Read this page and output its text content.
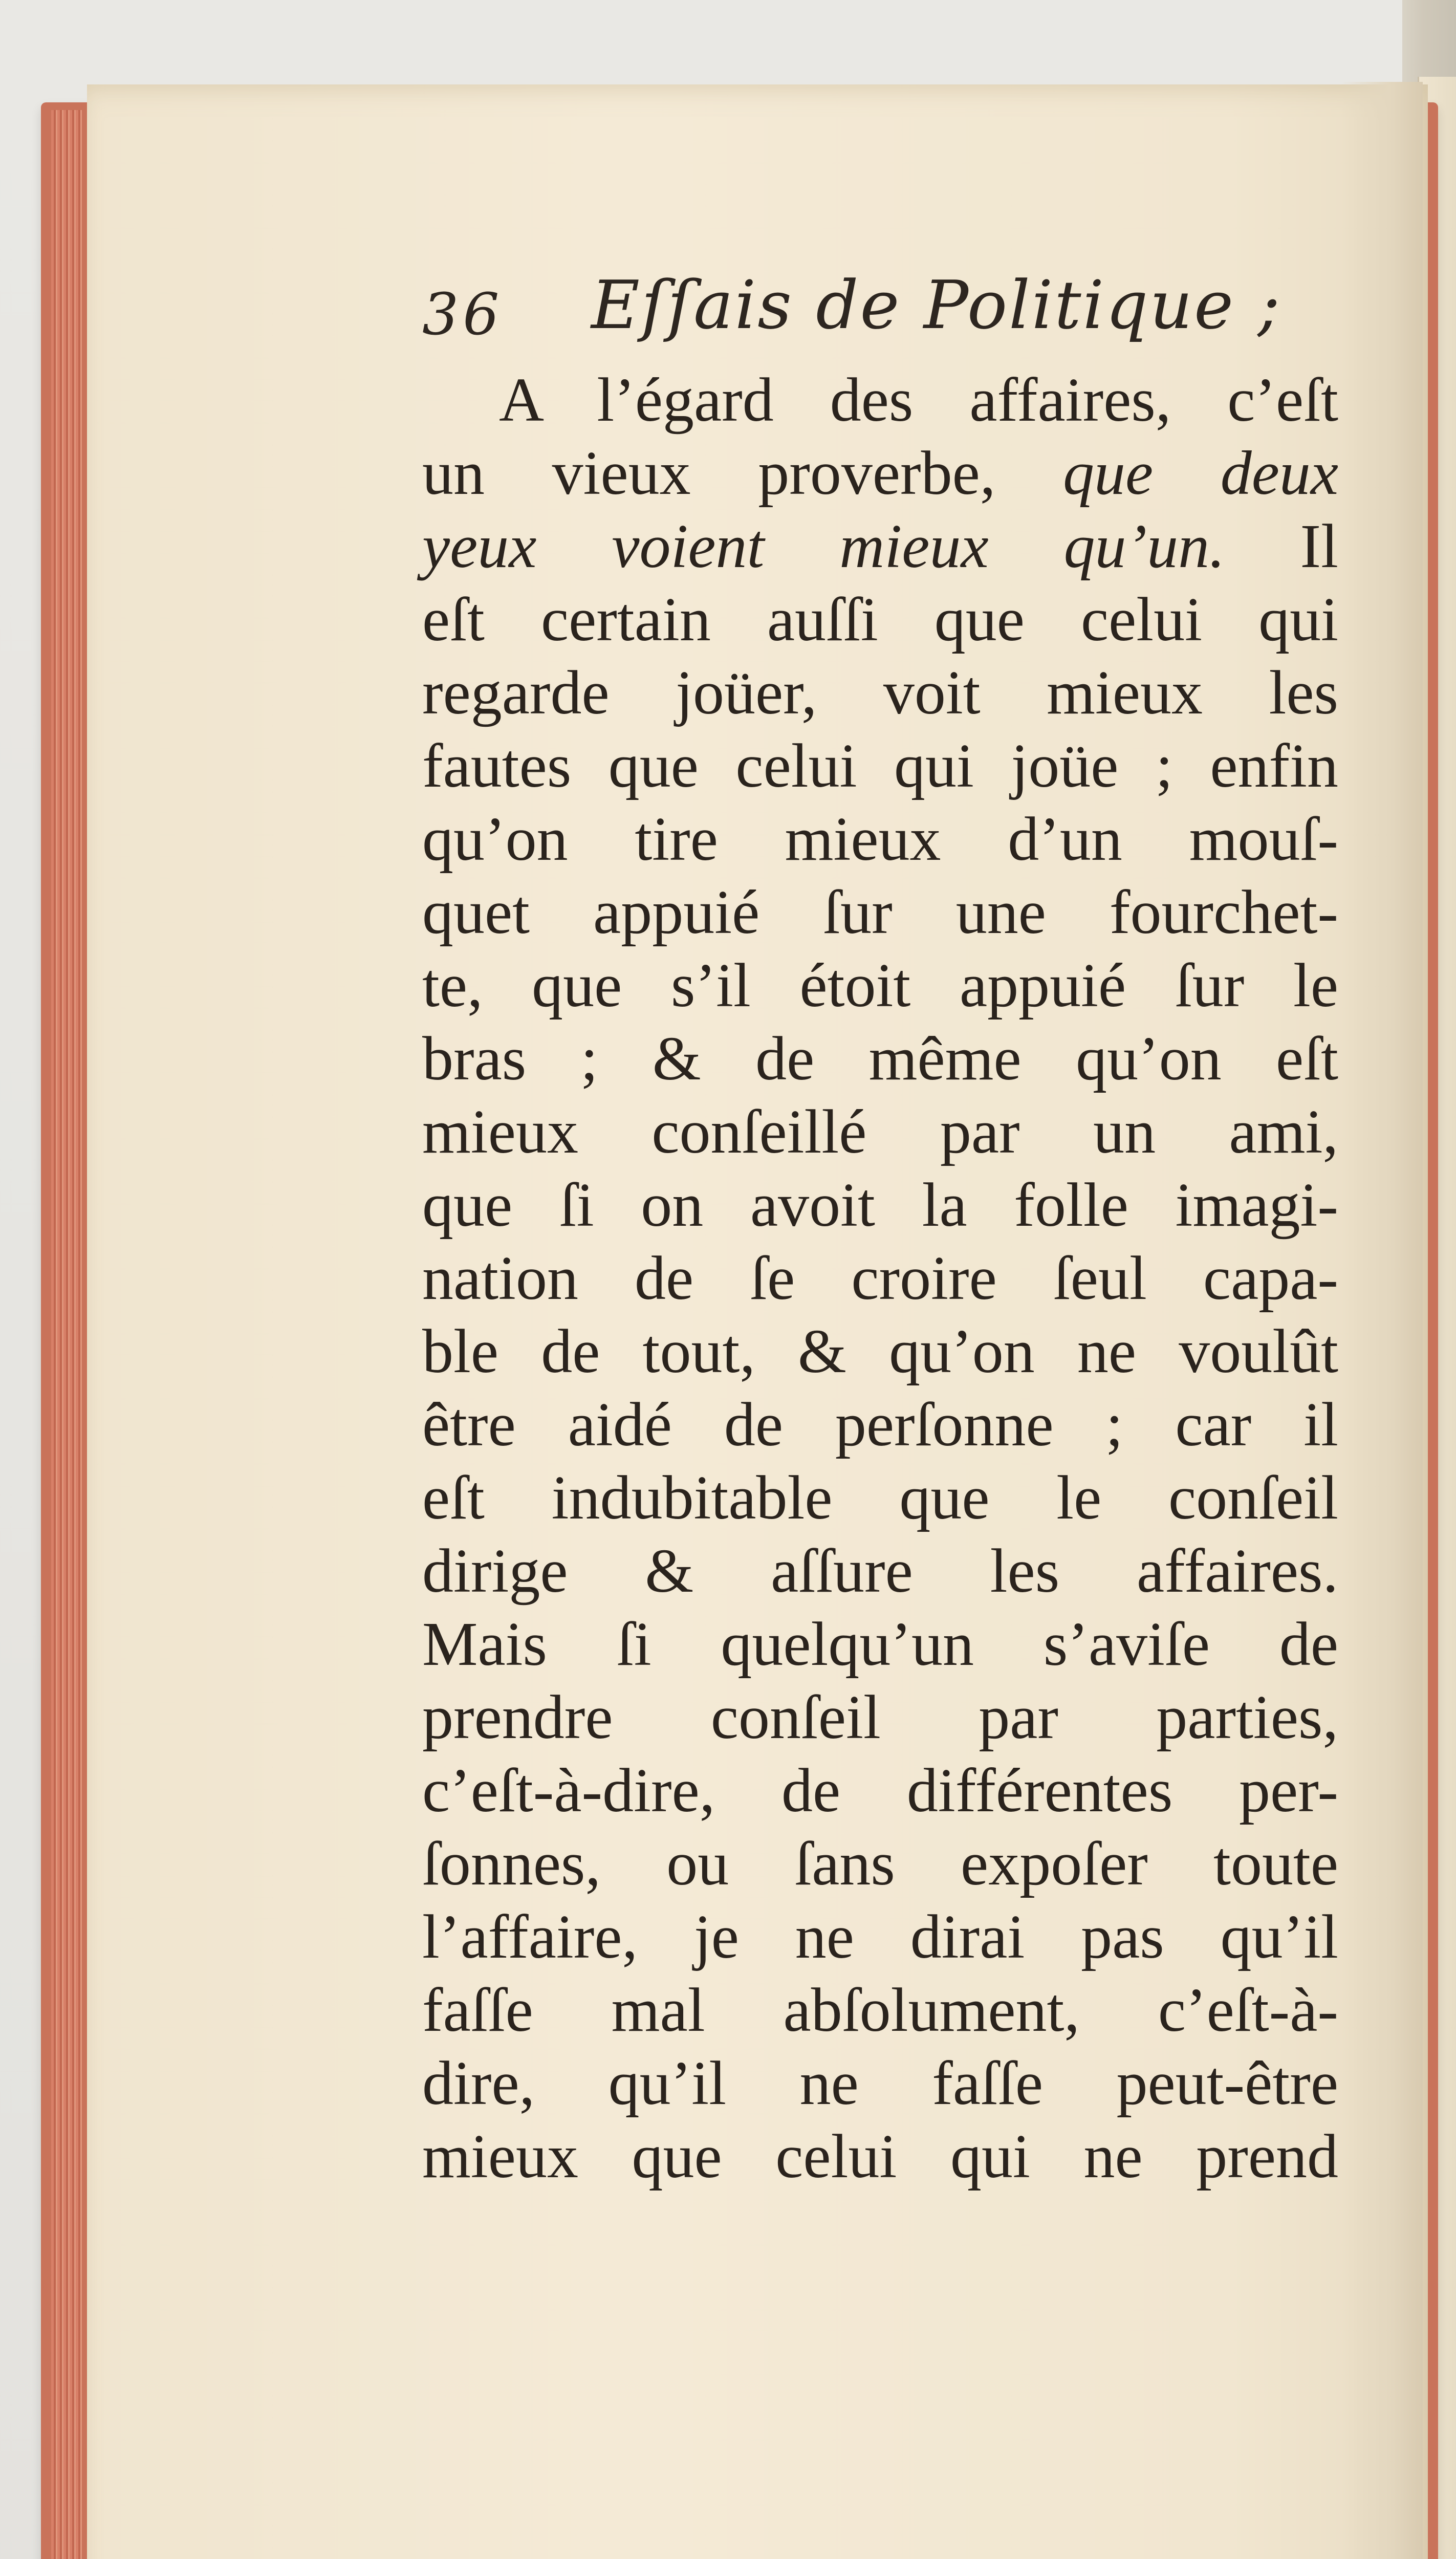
36 Eſſais de Politique ;
A l’égard des affaires, c’eſt
un vieux proverbe, que deux
yeux voient mieux qu’un. Il
eſt certain auſſi que celui qui
regarde joüer, voit mieux les
fautes que celui qui joüe ; enfin
qu’on tire mieux d’un mouſ-
quet appuié ſur une fourchet-
te, que s’il étoit appuié ſur le
bras ; & de même qu’on eſt
mieux conſeillé par un ami,
que ſi on avoit la folle imagi-
nation de ſe croire ſeul capa-
ble de tout, & qu’on ne voulût
être aidé de perſonne ; car il
eſt indubitable que le conſeil
dirige & aſſure les affaires.
Mais ſi quelqu’un s’aviſe de
prendre conſeil par parties,
c’eſt-à-dire, de différentes per-
ſonnes, ou ſans expoſer toute
l’affaire, je ne dirai pas qu’il
faſſe mal abſolument, c’eſt-à-
dire, qu’il ne faſſe peut-être
mieux que celui qui ne prend
